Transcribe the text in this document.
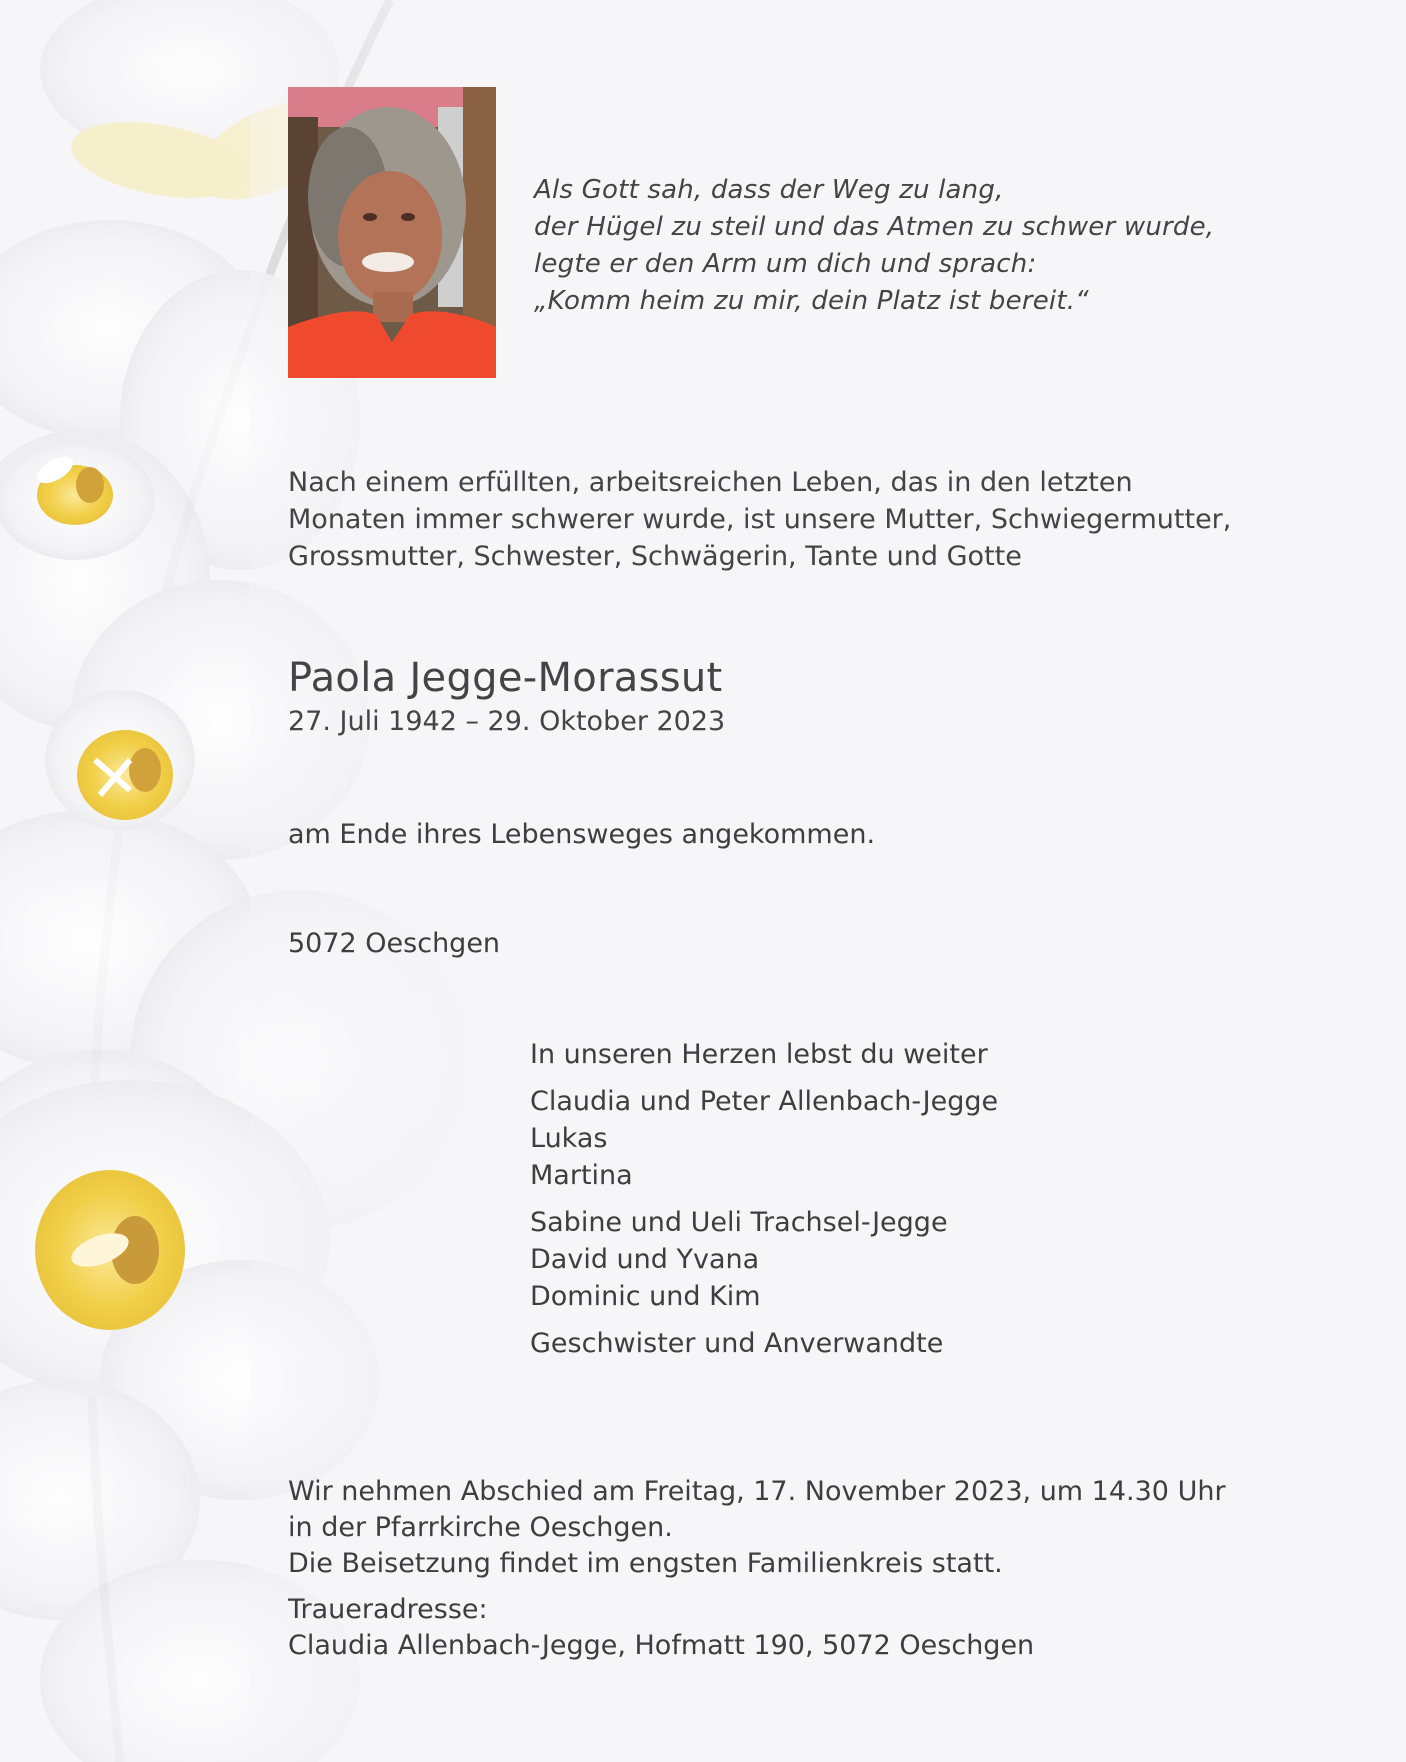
Als Gott sah, dass der Weg zu lang,
der Hügel zu steil und das Atmen zu schwer wurde,
legte er den Arm um dich und sprach:
„Komm heim zu mir, dein Platz ist bereit.“

Nach einem erfüllten, arbeitsreichen Leben, das in den letzten
Monaten immer schwerer wurde, ist unsere Mutter, Schwiegermutter,
Grossmutter, Schwester, Schwägerin, Tante und Gotte

Paola Jegge-Morassut

27. Juli 1942 – 29. Oktober 2023

am Ende ihres Lebensweges angekommen.

5072 Oeschgen

In unseren Herzen lebst du weiter
Claudia und Peter Allenbach-Jegge
Lukas
Martina
Sabine und Ueli Trachsel-Jegge
David und Yvana
Dominic und Kim
Geschwister und Anverwandte
Wir nehmen Abschied am Freitag, 17. November 2023, um 14.30 Uhr
in der Pfarrkirche Oeschgen.
Die Beisetzung findet im engsten Familienkreis statt.
Traueradresse:
Claudia Allenbach-Jegge, Hofmatt 190, 5072 Oeschgen
